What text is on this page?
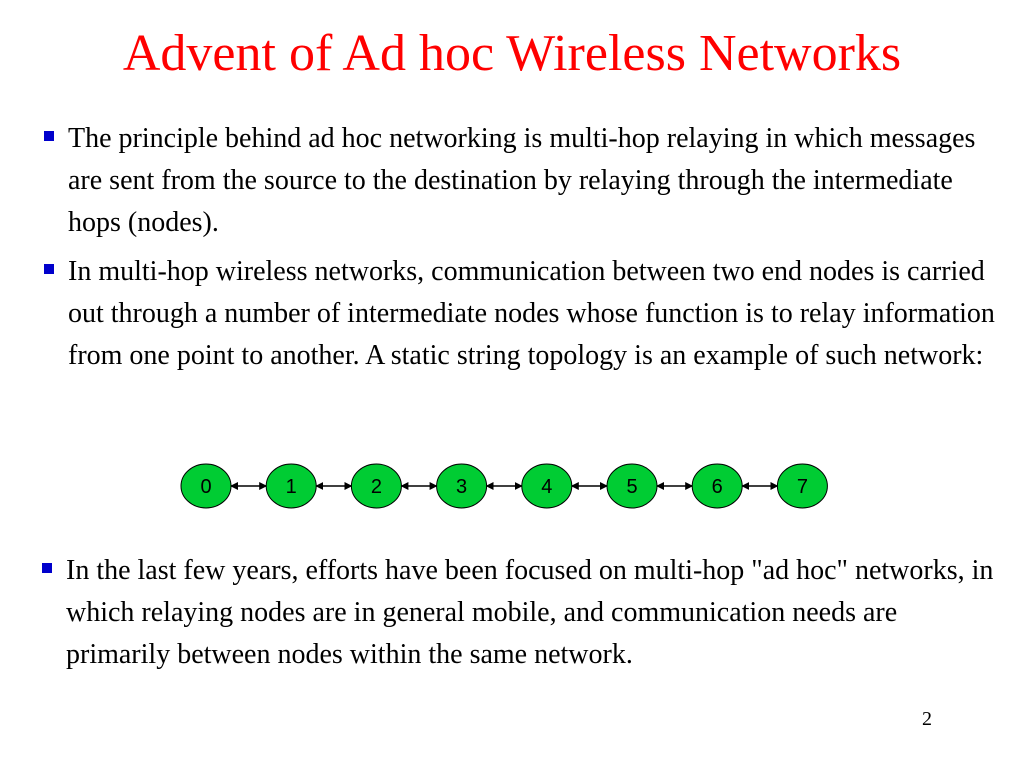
Advent of Ad hoc Wireless Networks
The principle behind ad hoc networking is multi-hop relaying in which messages are sent from the source to the destination by relaying through the intermediate hops (nodes).
In multi-hop wireless networks, communication between two end nodes is carried out through a number of intermediate nodes whose function is to relay information from one point to another. A static string topology is an example of such network:
In the last few years, efforts have been focused on multi-hop "ad hoc" networks, in which relaying nodes are in general mobile, and communication needs are primarily between nodes within the same network.
0	1	2	3	4	5	6	7
2
